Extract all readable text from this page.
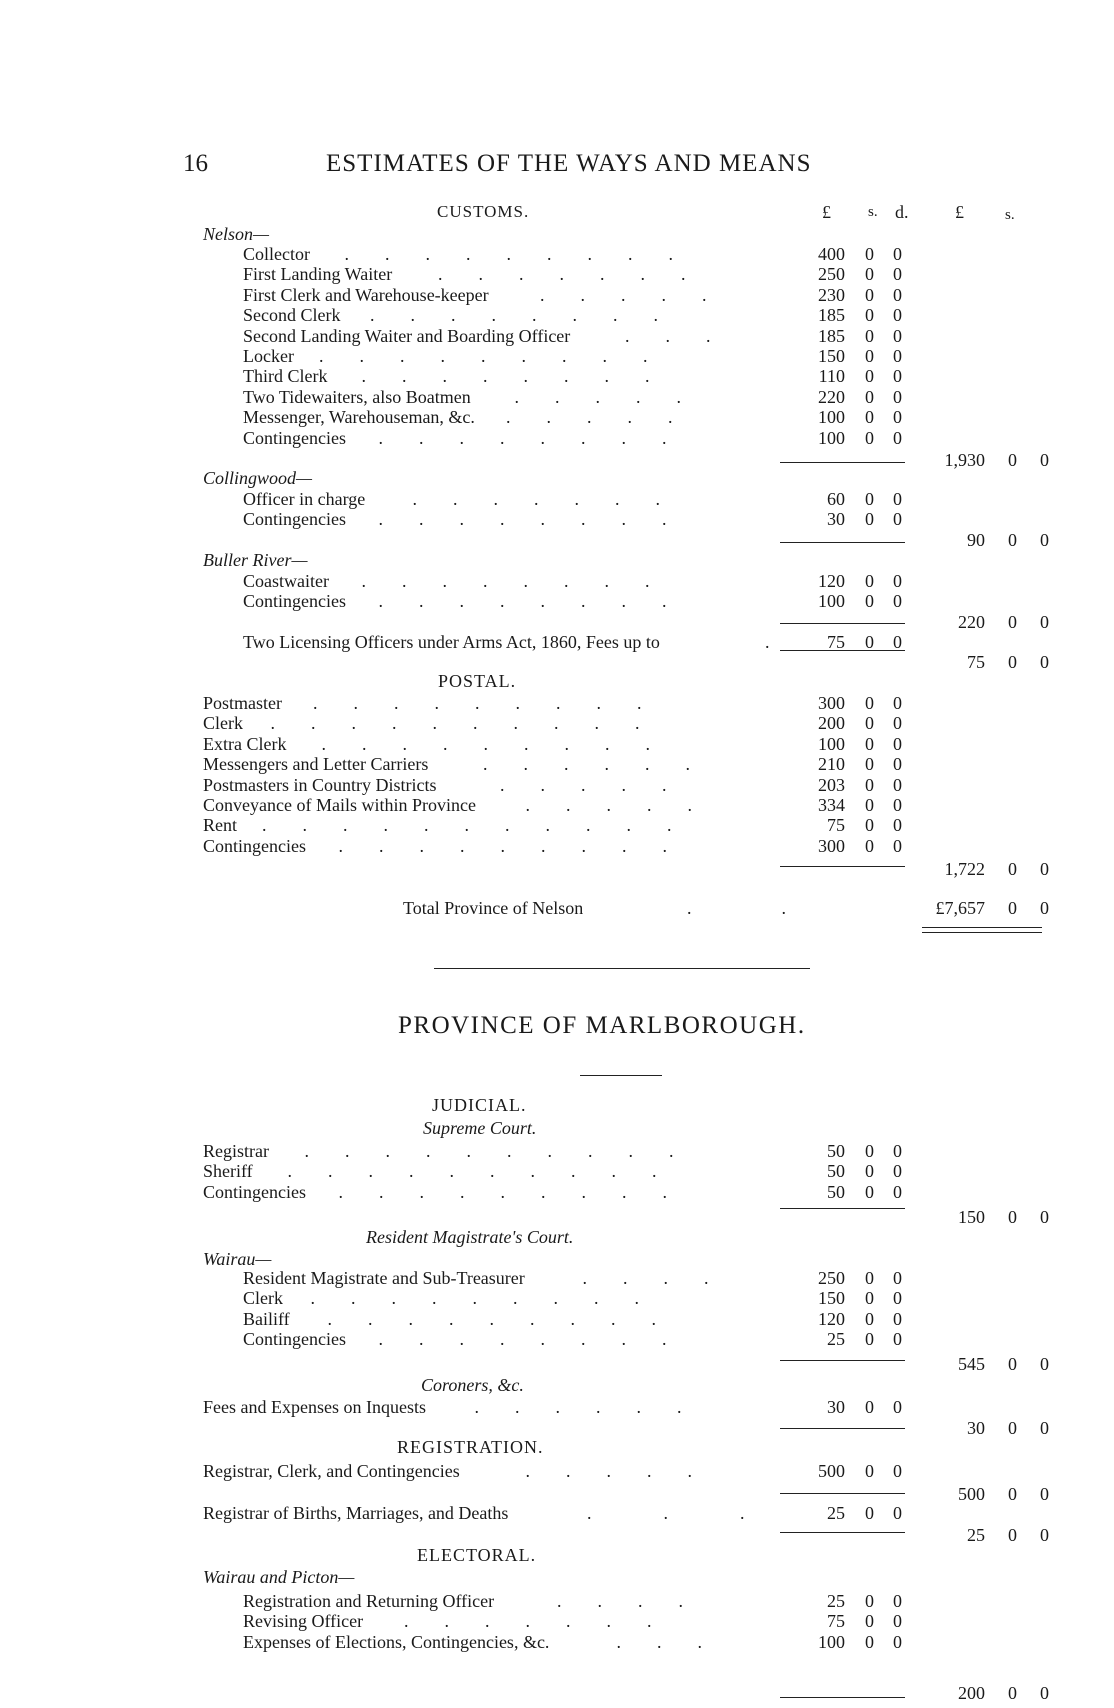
16	ESTIMATES OF THE WAYS AND MEANS
£ s. d.	£	s.
CUSTOMS.
Nelson—
Collector .  .  .  .  .  .  .  .  .  	400 0 0
First Landing Waiter	.  .  .  .  .  .  .  	250 0 0
First Clerk and Warehouse-keeper	.  .  .  .  .  	230 0 0
Second Clerk .  .  .  .  .  .  .  .  	185 0 0
Second Landing Waiter and Boarding Officer	.  .  .  	185 0 0
Locker .  .  .  .  .  .  .  .  .  	150 0 0
Third Clerk .  .  .  .  .  .  .  .  	110 0 0
Two Tidewaiters, also Boatmen .  .  .  .  .  	220 0 0
Messenger, Warehouseman, &c. .  .  .  .  .  	100 0 0
Contingencies .  .  .  .  .  .  .  .  	100 0 0
1,930 0 0
Collingwood—
Officer in charge	.  .  .  .  .  .  .  	60 0 0
Contingencies .  .  .  .  .  .  .  .  	30 0 0
90 0 0
Buller River—
Coastwaiter .  .  .  .  .  .  .  .  	120 0 0
Contingencies .  .  .  .  .  .  .  .  	100 0 0
220 0 0
Two Licensing Officers under Arms Act, 1860, Fees up to	.	75 0 0
75 0 0
POSTAL.
Postmaster .  .  .  .  .  .  .  .  .  	300 0 0
Clerk .  .  .  .  .  .  .  .  .  .  	200 0 0
Extra Clerk .  .  .  .  .  .  .  .  .  	100 0 0
Messengers and Letter Carriers	.  .  .  .  .  .  	210 0 0
Postmasters in Country Districts	.  .  .  .  .  	203 0 0
Conveyance of Mails within Province	.  .  .  .  .  	334 0 0
Rent .  .  .  .  .  .  .  .  .  .  .  	75 0 0
Contingencies .  .  .  .  .  .  .  .  .  	300 0 0
1,722 0 0
Total Province of Nelson	.     .	£7,657 0 0
JUDICIAL.
Supreme Court.
Registrar .  .  .  .  .  .  .  .  .  .  	50 0 0
Sheriff .  .  .  .  .  .  .  .  .  .  	50 0 0
Contingencies .  .  .  .  .  .  .  .  .  	50 0 0
150 0 0
Resident Magistrate's Court.
Wairau—
Resident Magistrate and Sub-Treasurer	.  .  .  .  	250 0 0
Clerk .  .  .  .  .  .  .  .  .  	150 0 0
Bailiff .  .  .  .  .  .  .  .  .  	120 0 0
Contingencies .  .  .  .  .  .  .  .  	25 0 0
545 0 0
Coroners, &c.
Fees and Expenses on Inquests	.  .  .  .  .  .  	30 0 0
30 0 0
REGISTRATION.
Registrar, Clerk, and Contingencies	.  .  .  .  .  	500 0 0
500 0 0
Registrar of Births, Marriages, and Deaths	.    .    .	25 0 0
25 0 0
ELECTORAL.
Wairau and Picton—
Registration and Returning Officer	.  .  .  .  	25 0 0
Revising Officer .  .  .  .  .  .  .  	75 0 0
Expenses of Elections, Contingencies, &c.	.  .  .  	100 0 0
200 0 0
PROVINCE OF MARLBOROUGH.
